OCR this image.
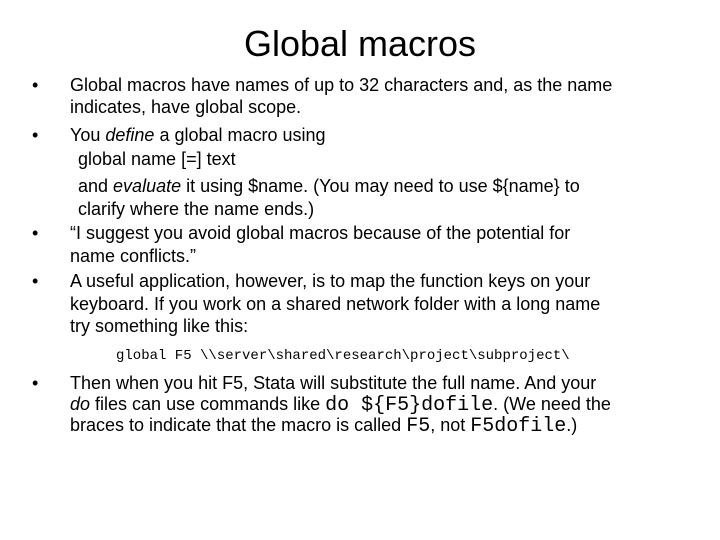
Global macros
•	Global macros have names of up to 32 characters and, as the name
indicates, have global scope.
•	You define a global macro using
global name [=] text
and evaluate it using $name. (You may need to use ${name} to
clarify where the name ends.)
•	“I suggest you avoid global macros because of the potential for
name conflicts.”
•	A useful application, however, is to map the function keys on your
keyboard. If you work on a shared network folder with a long name
try something like this:
global F5 \\server\shared\research\project\subproject\
•	Then when you hit F5, Stata will substitute the full name. And your
do files can use commands like do ${F5}dofile. (We need the
braces to indicate that the macro is called F5, not F5dofile.)
